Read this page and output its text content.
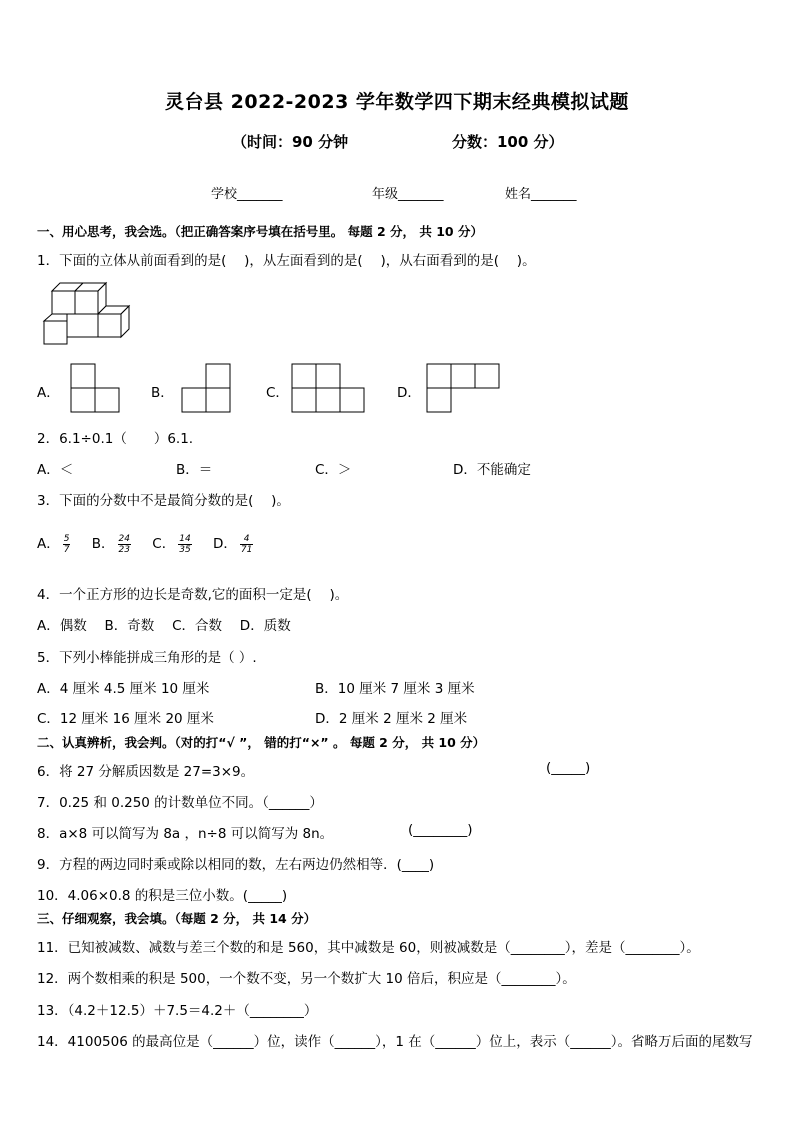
灵台县 2022-2023 学年数学四下期末经典模拟试题
（时间：90 分钟	分数：100 分）
学校_______	年级_______	姓名_______
一、用心思考，我会选。（把正确答案序号填在括号里。 每题 2 分， 共 10 分）
1．下面的立体从前面看到的是(　 )，从左面看到的是(　 )，从右面看到的是(　 )。
A．	B．	C．	D．
2．6.1÷0.1（　　）6.1.
A．＜	B．＝	C．＞	D．不能确定
3．下面的分数中不是最简分数的是(　 )。
A． $\frac{5}{7}$ B． $\frac{24}{23}$ C． $\frac{14}{35}$ D． $\frac{4}{71}$
4．一个正方形的边长是奇数,它的面积一定是(　 )。
A．偶数　 B．奇数　 C．合数　 D．质数
5．下列小棒能拼成三角形的是（ ）.
A．4 厘米 4.5 厘米 10 厘米	B．10 厘米 7 厘米 3 厘米
C．12 厘米 16 厘米 20 厘米	D．2 厘米 2 厘米 2 厘米
二、认真辨析，我会判。（对的打“√ ”， 错的打“×” 。 每题 2 分， 共 10 分）
6．将 27 分解质因数是 27=3×9。	(_____)
7．0.25 和 0.250 的计数单位不同。（______）
8．a×8 可以简写为 8a ，n÷8 可以简写为 8n。	(________)
9．方程的两边同时乘或除以相同的数，左右两边仍然相等．(____)
10．4.06×0.8 的积是三位小数。(_____)
三、仔细观察，我会填。（每题 2 分， 共 14 分）
11．已知被减数、减数与差三个数的和是 560，其中减数是 60，则被减数是（________），差是（________）。
12．两个数相乘的积是 500，一个数不变，另一个数扩大 10 倍后，积应是（________）。
13．（4.2＋12.5）＋7.5＝4.2＋（________）
14．4100506 的最高位是（______）位，读作（______），1 在（______）位上，表示（______）。省略万后面的尾数写
